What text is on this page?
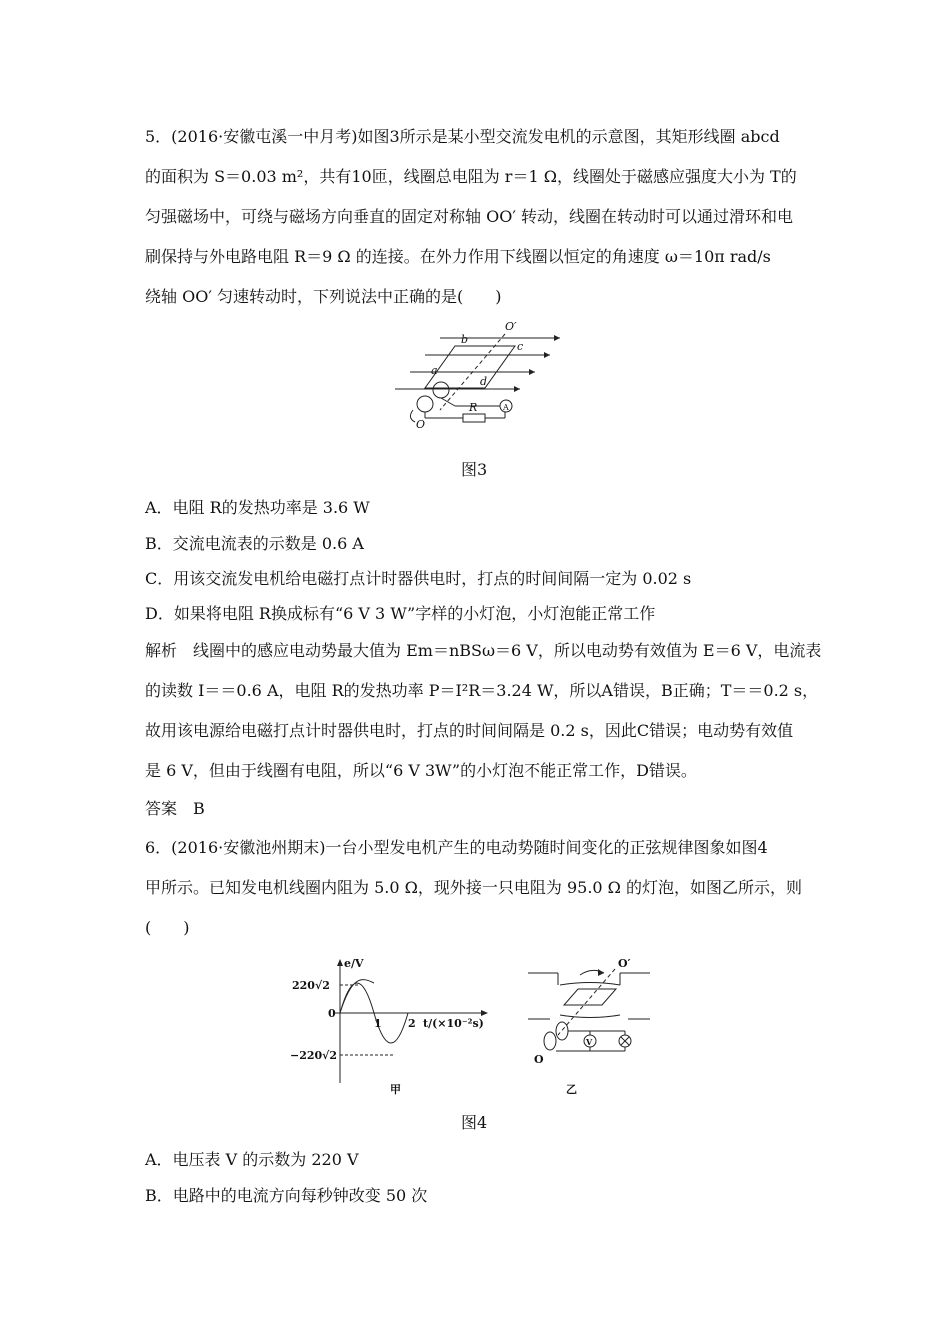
5．(2016·安徽屯溪一中月考)如图3所示是某小型交流发电机的示意图，其矩形线圈 abcd
的面积为 S＝0.03 m²，共有10匝，线圈总电阻为 r＝1 Ω，线圈处于磁感应强度大小为 T的
匀强磁场中，可绕与磁场方向垂直的固定对称轴 OO′ 转动，线圈在转动时可以通过滑环和电
刷保持与外电路电阻 R＝9 Ω 的连接。在外力作用下线圈以恒定的角速度 ω＝10π rad/s
绕轴 OO′ 匀速转动时，下列说法中正确的是(　　)
O′
b
c
a
d
R
O
A
图3
A．电阻 R的发热功率是 3.6 W
B．交流电流表的示数是 0.6 A
C．用该交流发电机给电磁打点计时器供电时，打点的时间间隔一定为 0.02 s
D．如果将电阻 R换成标有“6 V 3 W”字样的小灯泡，小灯泡能正常工作
解析　线圈中的感应电动势最大值为 Em＝nBSω＝6 V，所以电动势有效值为 E＝6 V，电流表
的读数 I＝＝0.6 A，电阻 R的发热功率 P＝I²R＝3.24 W，所以A错误，B正确；T＝＝0.2 s，
故用该电源给电磁打点计时器供电时，打点的时间间隔是 0.2 s，因此C错误；电动势有效值
是 6 V，但由于线圈有电阻，所以“6 V 3W”的小灯泡不能正常工作，D错误。
答案　B
6．(2016·安徽池州期末)一台小型发电机产生的电动势随时间变化的正弦规律图象如图4
甲所示。已知发电机线圈内阻为 5.0 Ω，现外接一只电阻为 95.0 Ω 的灯泡，如图乙所示，则
(　　)
e/V
220√2
0
1 2 t/(×10⁻²s)
−220√2
甲
O′
O
V
乙
图4
A．电压表 V 的示数为 220 V
B．电路中的电流方向每秒钟改变 50 次
